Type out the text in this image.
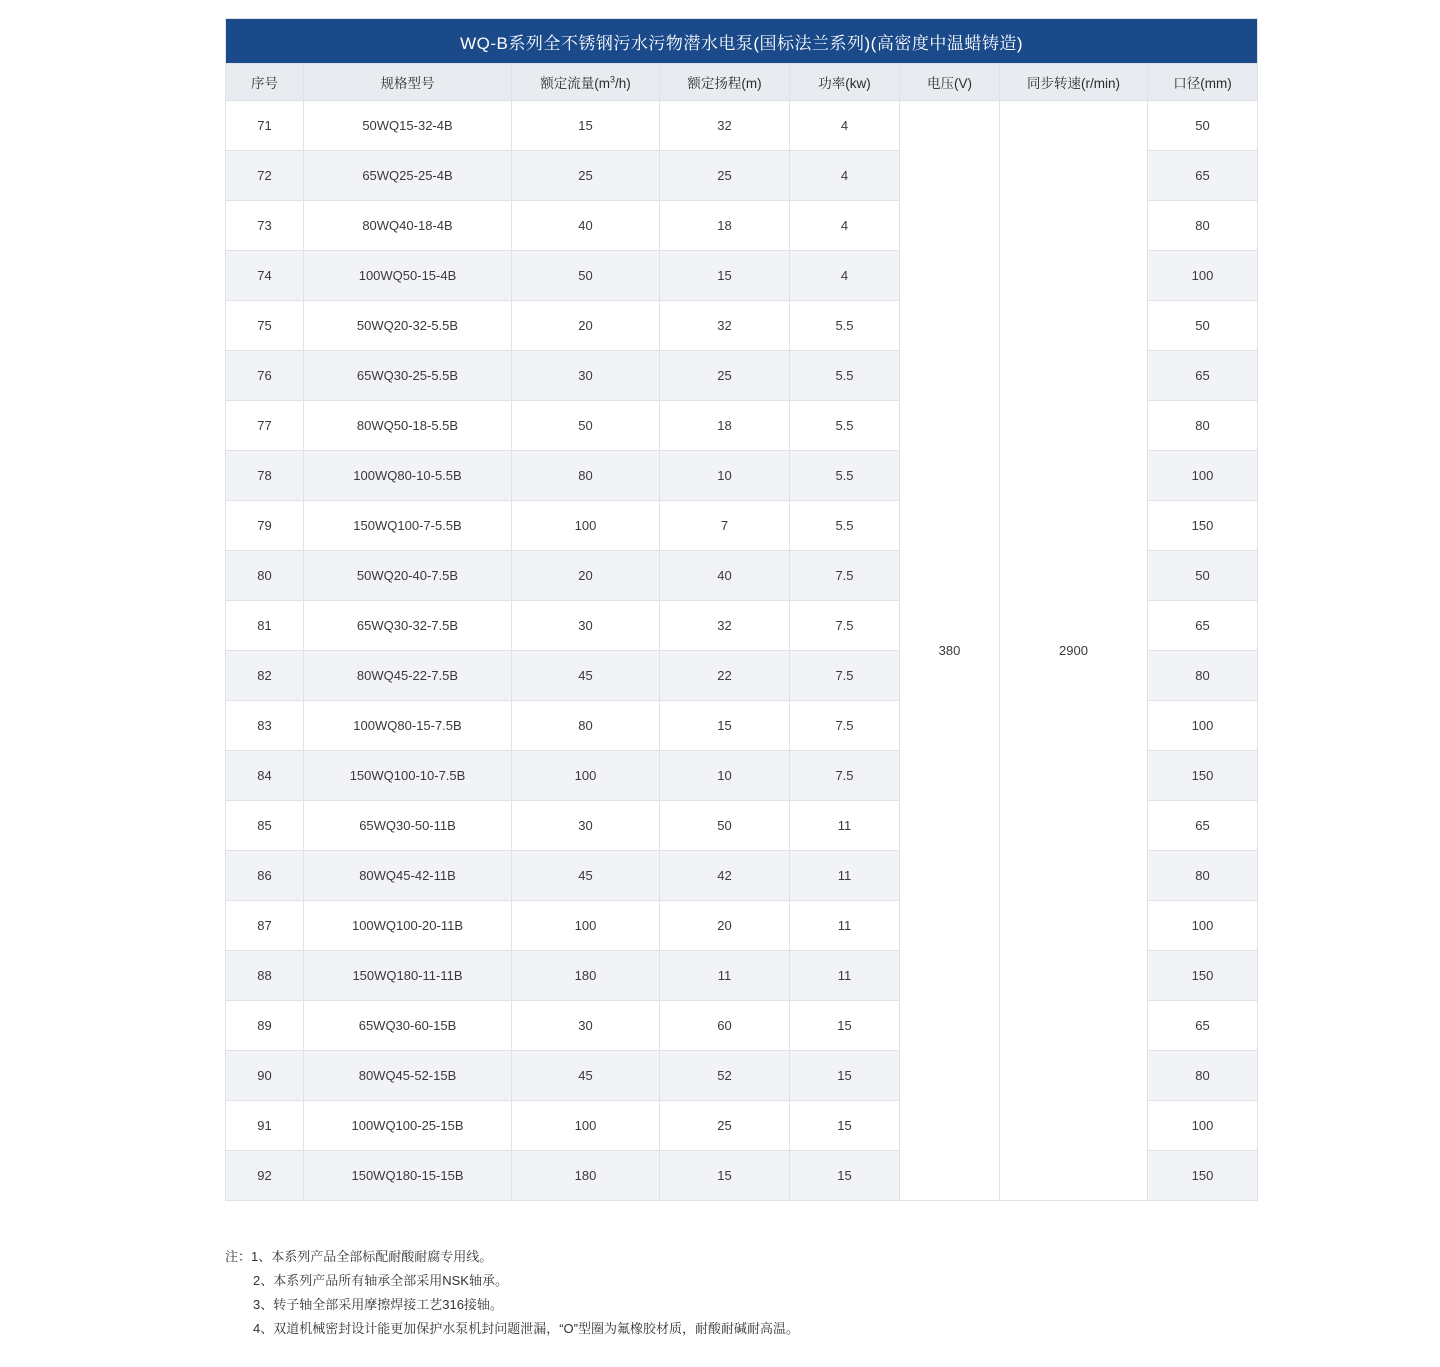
WQ-B系列全不锈钢污水污物潜水电泵(国标法兰系列)(高密度中温蜡铸造)							
序号	规格型号	额定流量$(m^3/h)$	额定扬程(m)	功率(kw)	电压(V)	同步转速(r/min)	口径(mm)
71	50WQ15-32-4B	15	32	4	380	2900	50
72	65WQ25-25-4B	25	25	4			65
73	80WQ40-18-4B	40	18	4			80
74	100WQ50-15-4B	50	15	4			100
75	50WQ20-32-5.5B	20	32	5.5			50
76	65WQ30-25-5.5B	30	25	5.5			65
77	80WQ50-18-5.5B	50	18	5.5			80
78	100WQ80-10-5.5B	80	10	5.5			100
79	150WQ100-7-5.5B	100	7	5.5			150
80	50WQ20-40-7.5B	20	40	7.5			50
81	65WQ30-32-7.5B	30	32	7.5			65
82	80WQ45-22-7.5B	45	22	7.5			80
83	100WQ80-15-7.5B	80	15	7.5			100
84	150WQ100-10-7.5B	100	10	7.5			150
85	65WQ30-50-11B	30	50	11			65
86	80WQ45-42-11B	45	42	11			80
87	100WQ100-20-11B	100	20	11			100
88	150WQ180-11-11B	180	11	11			150
89	65WQ30-60-15B	30	60	15			65
90	80WQ45-52-15B	45	52	15			80
91	100WQ100-25-15B	100	25	15			100
92	150WQ180-15-15B	180	15	15			150
注：1、本系列产品全部标配耐酸耐腐专用线。
2、本系列产品所有轴承全部采用NSK轴承。
3、转子轴全部采用摩擦焊接工艺316接轴。
4、双道机械密封设计能更加保护水泵机封问题泄漏，“O”型圈为氟橡胶材质，耐酸耐碱耐高温。
